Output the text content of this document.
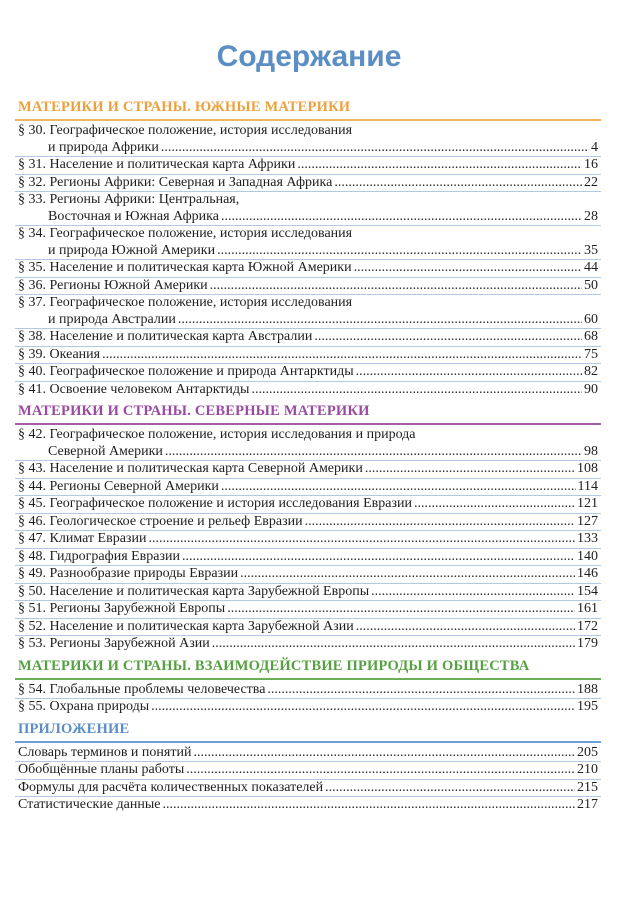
Содержание
МАТЕРИКИ И СТРАНЫ. ЮЖНЫЕ МАТЕРИКИ
§ 30. Географическое положение, история исследования
и природа Африки .....	4
§ 31. Население и политическая карта Африки .....	16
§ 32. Регионы Африки: Северная и Западная Африка .....	22
§ 33. Регионы Африки: Центральная,
Восточная и Южная Африка .....	28
§ 34. Географическое положение, история исследования
и природа Южной Америки .....	35
§ 35. Население и политическая карта Южной Америки .....	44
§ 36. Регионы Южной Америки .....	50
§ 37. Географическое положение, история исследования
и природа Австралии .....	60
§ 38. Население и политическая карта Австралии .....	68
§ 39. Океания .....	75
§ 40. Географическое положение и природа Антарктиды .....	82
§ 41. Освоение человеком Антарктиды .....	90
МАТЕРИКИ И СТРАНЫ. СЕВЕРНЫЕ МАТЕРИКИ
§ 42. Географическое положение, история исследования и природа
Северной Америки .....	98
§ 43. Население и политическая карта Северной Америки .....	108
§ 44. Регионы Северной Америки .....	114
§ 45. Географическое положение и история исследования Евразии .....	121
§ 46. Геологическое строение и рельеф Евразии .....	127
§ 47. Климат Евразии .....	133
§ 48. Гидрография Евразии .....	140
§ 49. Разнообразие природы Евразии .....	146
§ 50. Население и политическая карта Зарубежной Европы .....	154
§ 51. Регионы Зарубежной Европы .....	161
§ 52. Население и политическая карта Зарубежной Азии .....	172
§ 53. Регионы Зарубежной Азии .....	179
МАТЕРИКИ И СТРАНЫ. ВЗАИМОДЕЙСТВИЕ ПРИРОДЫ И ОБЩЕСТВА
§ 54. Глобальные проблемы человечества .....	188
§ 55. Охрана природы .....	195
ПРИЛОЖЕНИЕ
Словарь терминов и понятий .....	205
Обобщённые планы работы .....	210
Формулы для расчёта количественных показателей .....	215
Статистические данные .....	217
